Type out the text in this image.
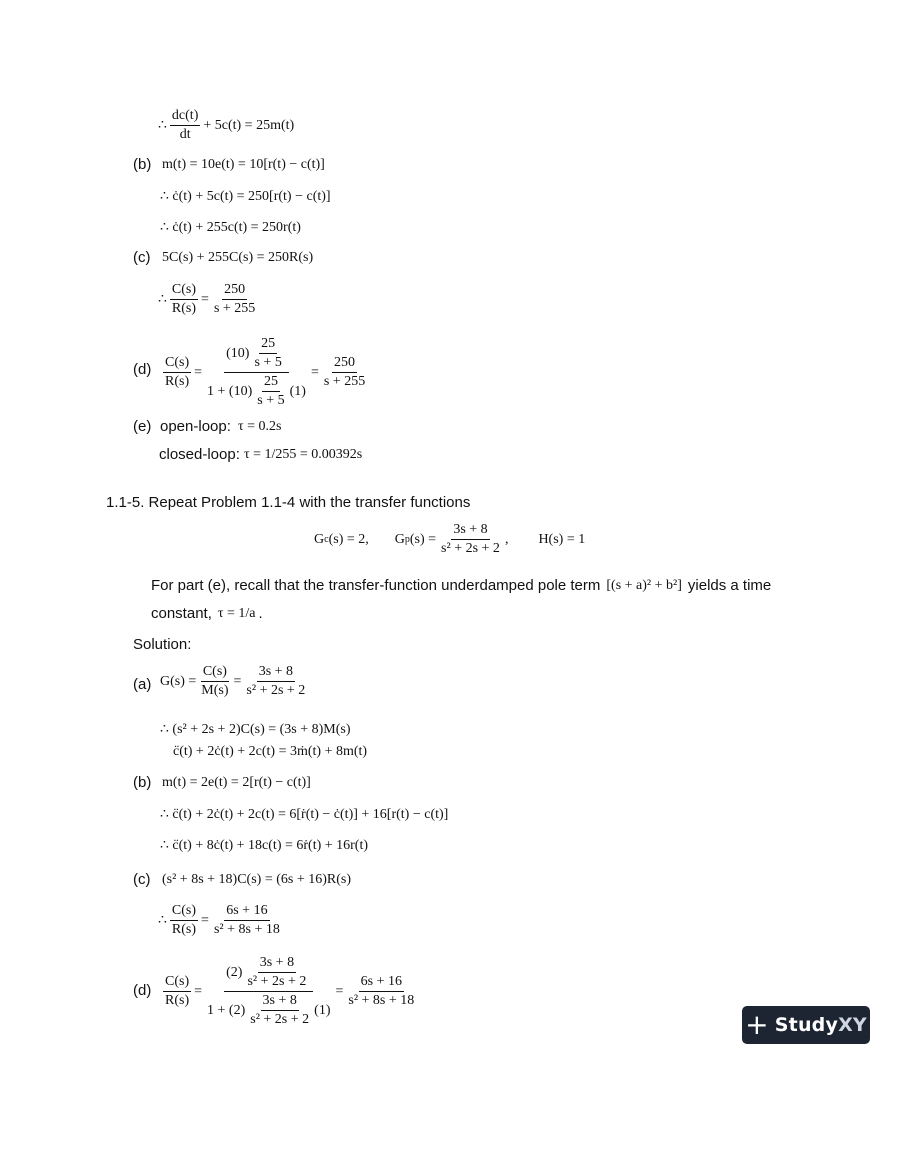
∴ $\frac{dc(t)}{dt} + 5c(t) = 25m(t)$
(b) m(t) = 10e(t) = 10[r(t) − c(t)]
∴ ċ(t) + 5c(t) = 250[r(t) − c(t)]
∴ ċ(t) + 255c(t) = 250r(t)
(c) 5C(s) + 255C(s) = 250R(s)
∴ $\frac{C(s)}{R(s)} = \frac{250}{s + 255}$
$(d) \frac{C(s)}{R(s)} = \frac{(10) \frac{25}{s + 5}}{1 + (10) \frac{25}{s + 5} (1)} = \frac{250}{s + 255}$
(e) open-loop: τ = 0.2s
closed-loop: τ = 1/255 = 0.00392s
1.1-5. Repeat Problem 1.1-4 with the transfer functions
G c (s) = 2, G p $(s) = \frac{3s + 8}{\text{s² + 2s + 2}}$ , H(s) = 1
For part (e), recall that the transfer-function underdamped pole term [(s + a)² + b²] yields a time
constant, τ = 1/a .
Solution:
(a) $G(s) = \frac{C(s)}{M(s)} = \frac{3s + 8}{\text{s² + 2s + 2}}$
∴ (s² + 2s + 2)C(s) = (3s + 8)M(s)
c̈(t) + 2ċ(t) + 2c(t) = 3ṁ(t) + 8m(t)
(b) m(t) = 2e(t) = 2[r(t) − c(t)]
∴ c̈(t) + 2ċ(t) + 2c(t) = 6[ṙ(t) − ċ(t)] + 16[r(t) − c(t)]
∴ c̈(t) + 8ċ(t) + 18c(t) = 6ṙ(t) + 16r(t)
(c) (s² + 8s + 18)C(s) = (6s + 16)R(s)
∴ $\frac{C(s)}{R(s)} = \frac{6s + 16}{\text{s² + 8s + 18}}$
$(d) \frac{C(s)}{R(s)}$ =
$(2) \frac{3s + 8}{\text{s² + 2s + 2}}$
$1 + (2) \frac{3s + 8}{\text{s² + 2s + 2}} (1)$
= $\frac{6s + 16}{\text{s² + 8s + 18}}$
+ Study XY
